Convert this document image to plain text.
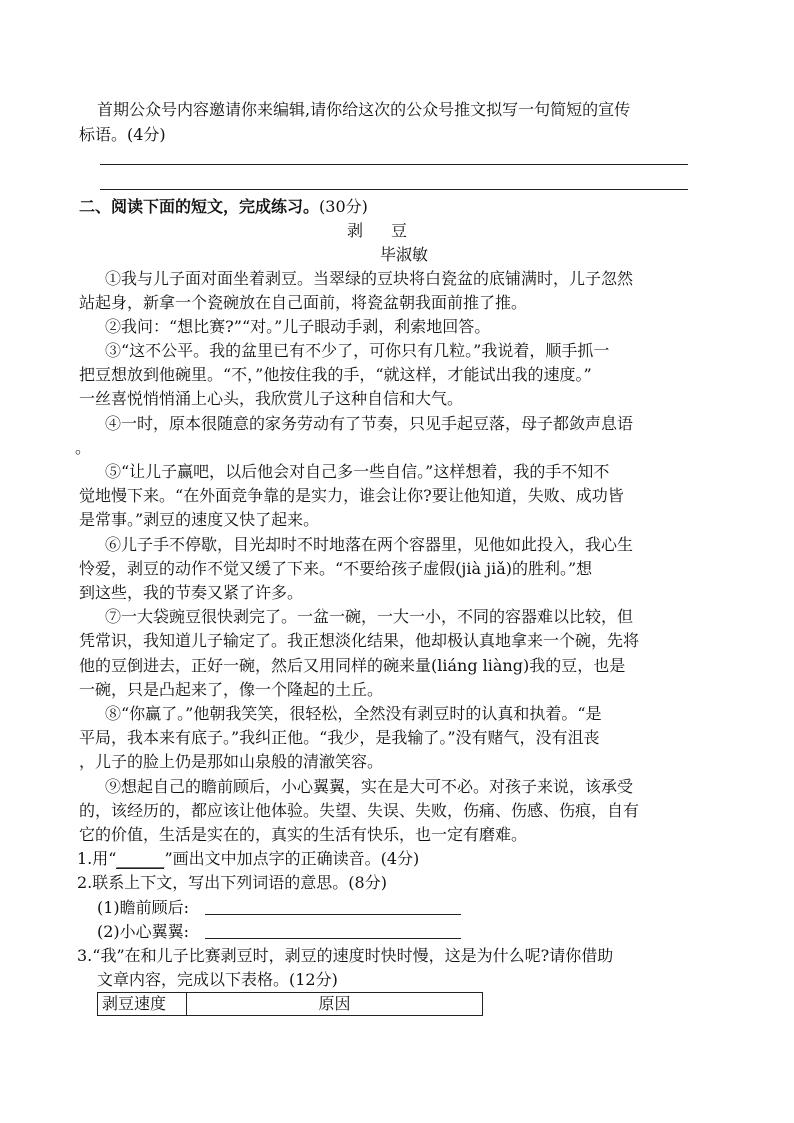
首期公众号内容邀请你来编辑,请你给这次的公众号推文拟写一句简短的宣传
标语。(4分)
二、阅读下面的短文，完成练习。(30分)
剥　豆
毕淑敏
①我与儿子面对面坐着剥豆。当翠绿的豆块将白瓷盆的底铺满时，儿子忽然
站起身，新拿一个瓷碗放在自己面前，将瓷盆朝我面前推了推。
②我问：“想比赛?”“对。”儿子眼动手剥，利索地回答。
③“这不公平。我的盆里已有不少了，可你只有几粒。”我说着，顺手抓一
把豆想放到他碗里。“不，”他按住我的手，“就这样，才能试出我的速度。”
一丝喜悦悄悄涌上心头，我欣赏儿子这种自信和大气。
④一时，原本很随意的家务劳动有了节奏，只见手起豆落，母子都敛声息语
。
⑤“让儿子赢吧，以后他会对自己多一些自信。”这样想着，我的手不知不
觉地慢下来。“在外面竞争靠的是实力，谁会让你?要让他知道，失败、成功皆
是常事。”剥豆的速度又快了起来。
⑥儿子手不停歇，目光却时不时地落在两个容器里，见他如此投入，我心生
怜爱，剥豆的动作不觉又缓了下来。“不要给孩子虚假(jià jiǎ)的胜利。”想
到这些，我的节奏又紧了许多。
⑦一大袋豌豆很快剥完了。一盆一碗，一大一小，不同的容器难以比较，但
凭常识，我知道儿子输定了。我正想淡化结果，他却极认真地拿来一个碗，先将
他的豆倒进去，正好一碗，然后又用同样的碗来量(liáng liàng)我的豆，也是
一碗，只是凸起来了，像一个隆起的土丘。
⑧“你赢了。”他朝我笑笑，很轻松，全然没有剥豆时的认真和执着。“是
平局，我本来有底子。”我纠正他。“我少，是我输了。”没有赌气，没有沮丧
，儿子的脸上仍是那如山泉般的清澈笑容。
⑨想起自己的瞻前顾后，小心翼翼，实在是大可不必。对孩子来说，该承受
的，该经历的，都应该让他体验。失望、失误、失败，伤痛、伤感、伤痕，自有
它的价值，生活是实在的，真实的生活有快乐，也一定有磨难。
1.用“______”画出文中加点字的正确读音。(4分)
2.联系上下文，写出下列词语的意思。(8分)
(1)瞻前顾后:
(2)小心翼翼:
3.“我”在和儿子比赛剥豆时，剥豆的速度时快时慢，这是为什么呢?请你借助
文章内容，完成以下表格。(12分)
剥豆速度	原因
